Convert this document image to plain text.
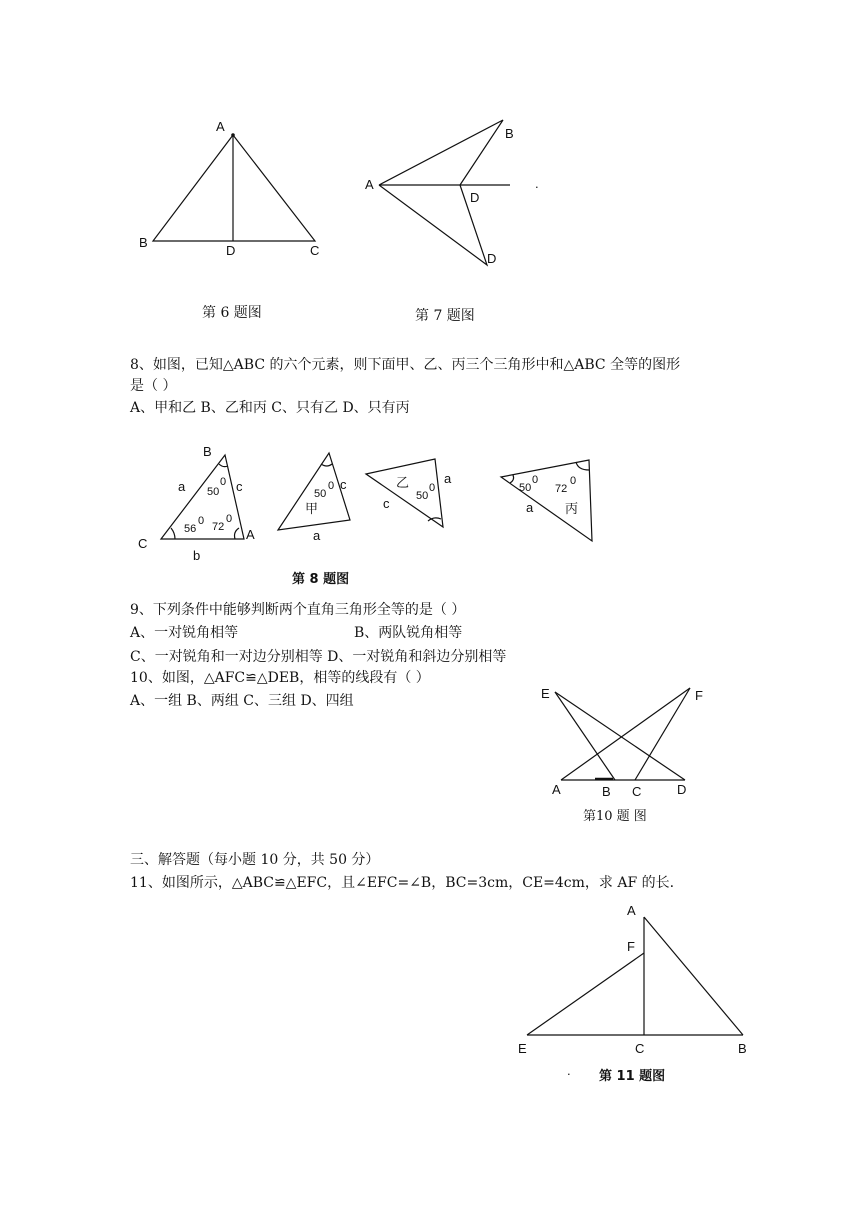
A
B
D	C
第 6 题图
A
B
D
D
.
第 7 题图
8、如图，已知△ABC 的六个元素，则下面甲、乙、丙三个三角形中和△ABC 全等的图形
是（ ）
A、甲和乙 B、乙和丙 C、只有乙 D、只有丙
B
C
A
a	c
b
50
0
56
0 72
0
甲
50
0 c
a
乙
50
0
c
a
50
0
72
0
a 丙
第 8 题图
9、下列条件中能够判断两个直角三角形全等的是（ ）
A、一对锐角相等	B、两队锐角相等
C、一对锐角和一对边分别相等 D、一对锐角和斜边分别相等
10、如图，△AFC≌△DEB，相等的线段有（ ）
A、一组 B、两组 C、三组 D、四组	E	F
A	B C	D
第10 题 图
三、解答题（每小题 10 分，共 50 分）
11、如图所示，△ABC≌△EFC，且∠EFC=∠B，BC=3cm，CE=4cm，求 AF 的长.
A
F
E	C	B
. 第 11 题图
